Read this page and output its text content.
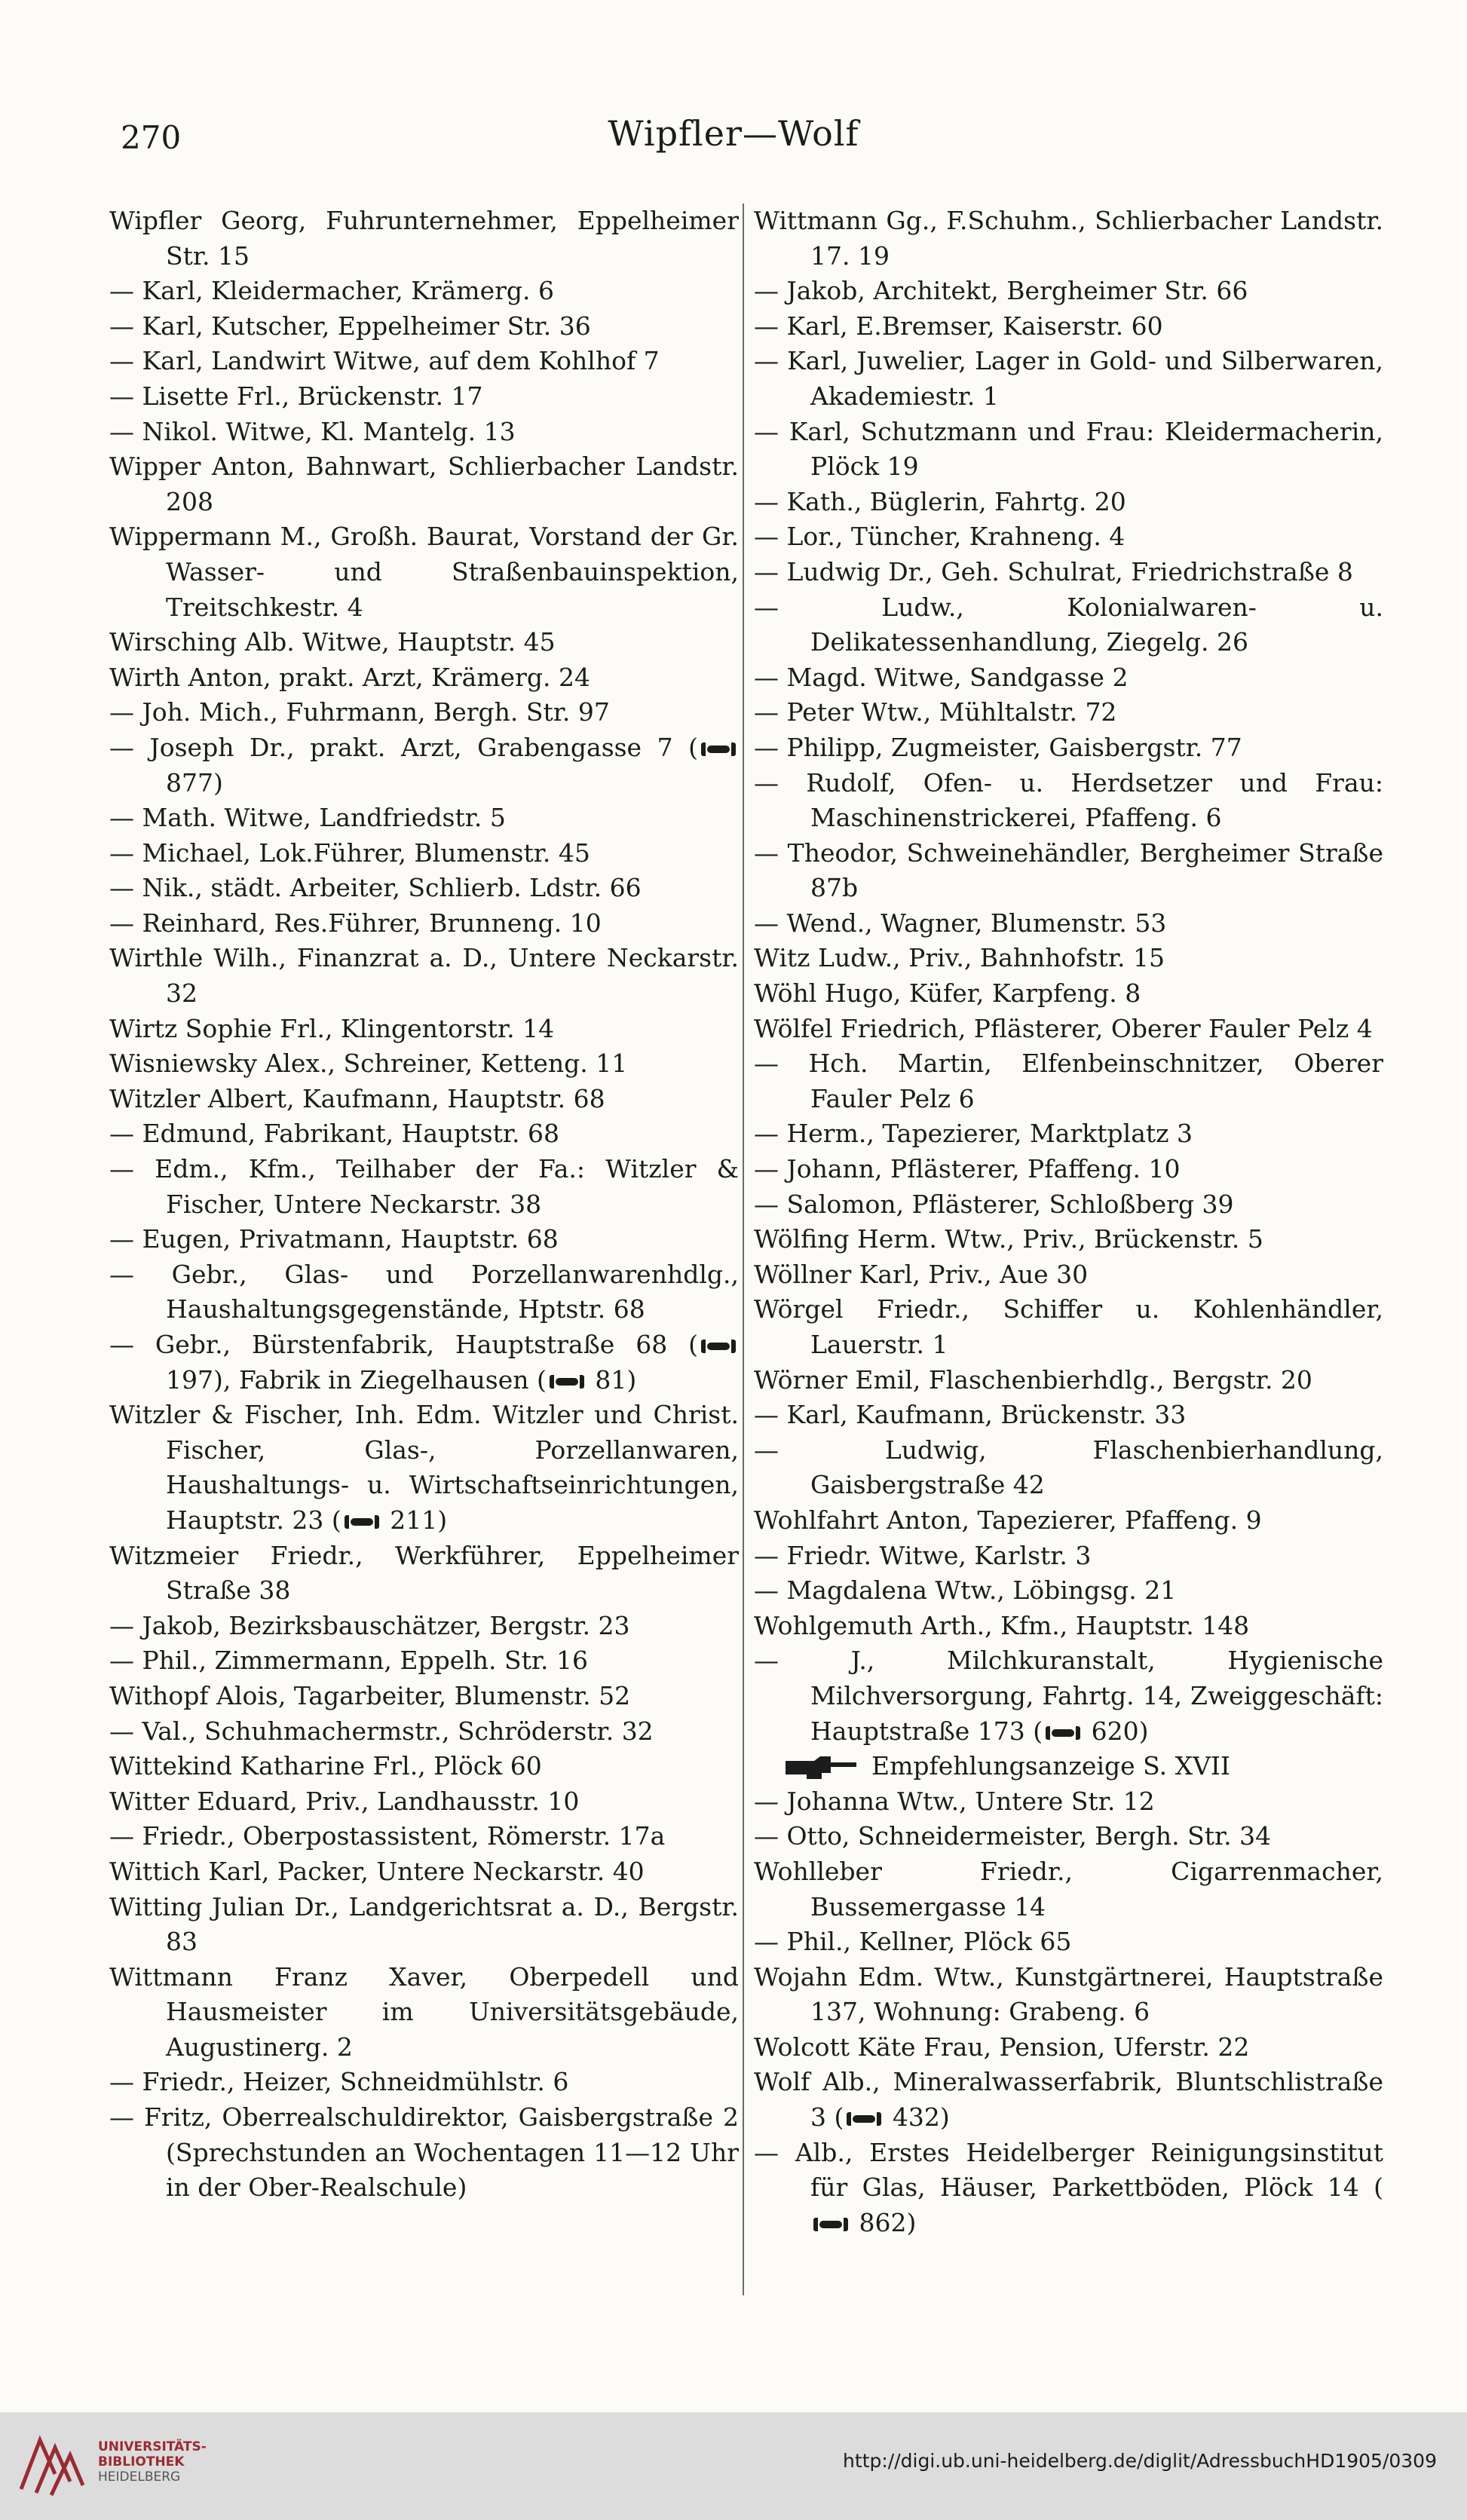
270	Wipfler—Wolf
Wipfler Georg, Fuhrunternehmer, Eppelheimer Str. 15
— Karl, Kleidermacher, Krämerg. 6
— Karl, Kutscher, Eppelheimer Str. 36
— Karl, Landwirt Witwe, auf dem Kohlhof 7
— Lisette Frl., Brückenstr. 17
— Nikol. Witwe, Kl. Mantelg. 13
Wipper Anton, Bahnwart, Schlierbacher Landstr. 208
Wippermann M., Großh. Baurat, Vorstand der Gr. Wasser- und Straßenbauinspektion, Treitschkestr. 4
Wirsching Alb. Witwe, Hauptstr. 45
Wirth Anton, prakt. Arzt, Krämerg. 24
— Joh. Mich., Fuhrmann, Bergh. Str. 97
— Joseph Dr., prakt. Arzt, Grabengasse 7 ( 877)
— Math. Witwe, Landfriedstr. 5
— Michael, Lok.Führer, Blumenstr. 45
— Nik., städt. Arbeiter, Schlierb. Ldstr. 66
— Reinhard, Res.Führer, Brunneng. 10
Wirthle Wilh., Finanzrat a. D., Untere Neckarstr. 32
Wirtz Sophie Frl., Klingentorstr. 14
Wisniewsky Alex., Schreiner, Ketteng. 11
Witzler Albert, Kaufmann, Hauptstr. 68
— Edmund, Fabrikant, Hauptstr. 68
— Edm., Kfm., Teilhaber der Fa.: Witzler & Fischer, Untere Neckarstr. 38
— Eugen, Privatmann, Hauptstr. 68
— Gebr., Glas- und Porzellanwarenhdlg., Haushaltungsgegenstände, Hptstr. 68
— Gebr., Bürstenfabrik, Hauptstraße 68 ( 197), Fabrik in Ziegelhausen ( 81)
Witzler & Fischer, Inh. Edm. Witzler und Christ. Fischer, Glas-, Porzellanwaren, Haushaltungs- u. Wirtschaftseinrichtungen, Hauptstr. 23 ( 211)
Witzmeier Friedr., Werkführer, Eppelheimer Straße 38
— Jakob, Bezirksbauschätzer, Bergstr. 23
— Phil., Zimmermann, Eppelh. Str. 16
Withopf Alois, Tagarbeiter, Blumenstr. 52
— Val., Schuhmachermstr., Schröderstr. 32
Wittekind Katharine Frl., Plöck 60
Witter Eduard, Priv., Landhausstr. 10
— Friedr., Oberpostassistent, Römerstr. 17a
Wittich Karl, Packer, Untere Neckarstr. 40
Witting Julian Dr., Landgerichtsrat a. D., Bergstr. 83
Wittmann Franz Xaver, Oberpedell und Hausmeister im Universitätsgebäude, Augustinerg. 2
— Friedr., Heizer, Schneidmühlstr. 6
— Fritz, Oberrealschuldirektor, Gaisbergstraße 2 (Sprechstunden an Wochentagen 11—12 Uhr in der Ober-Realschule)
Wittmann Gg., F.Schuhm., Schlierbacher Landstr. 17. 19
— Jakob, Architekt, Bergheimer Str. 66
— Karl, E.Bremser, Kaiserstr. 60
— Karl, Juwelier, Lager in Gold- und Silberwaren, Akademiestr. 1
— Karl, Schutzmann und Frau: Kleidermacherin, Plöck 19
— Kath., Büglerin, Fahrtg. 20
— Lor., Tüncher, Krahneng. 4
— Ludwig Dr., Geh. Schulrat, Friedrichstraße 8
— Ludw., Kolonialwaren- u. Delikatessenhandlung, Ziegelg. 26
— Magd. Witwe, Sandgasse 2
— Peter Wtw., Mühltalstr. 72
— Philipp, Zugmeister, Gaisbergstr. 77
— Rudolf, Ofen- u. Herdsetzer und Frau: Maschinenstrickerei, Pfaffeng. 6
— Theodor, Schweinehändler, Bergheimer Straße 87b
— Wend., Wagner, Blumenstr. 53
Witz Ludw., Priv., Bahnhofstr. 15
Wöhl Hugo, Küfer, Karpfeng. 8
Wölfel Friedrich, Pflästerer, Oberer Fauler Pelz 4
— Hch. Martin, Elfenbeinschnitzer, Oberer Fauler Pelz 6
— Herm., Tapezierer, Marktplatz 3
— Johann, Pflästerer, Pfaffeng. 10
— Salomon, Pflästerer, Schloßberg 39
Wölfing Herm. Wtw., Priv., Brückenstr. 5
Wöllner Karl, Priv., Aue 30
Wörgel Friedr., Schiffer u. Kohlenhändler, Lauerstr. 1
Wörner Emil, Flaschenbierhdlg., Bergstr. 20
— Karl, Kaufmann, Brückenstr. 33
— Ludwig, Flaschenbierhandlung, Gaisbergstraße 42
Wohlfahrt Anton, Tapezierer, Pfaffeng. 9
— Friedr. Witwe, Karlstr. 3
— Magdalena Wtw., Löbingsg. 21
Wohlgemuth Arth., Kfm., Hauptstr. 148
— J., Milchkuranstalt, Hygienische Milchversorgung, Fahrtg. 14, Zweiggeschäft: Hauptstraße 173 ( 620)
Empfehlungsanzeige S. XVII
— Johanna Wtw., Untere Str. 12
— Otto, Schneidermeister, Bergh. Str. 34
Wohlleber Friedr., Cigarrenmacher, Bussemergasse 14
— Phil., Kellner, Plöck 65
Wojahn Edm. Wtw., Kunstgärtnerei, Hauptstraße 137, Wohnung: Grabeng. 6
Wolcott Käte Frau, Pension, Uferstr. 22
Wolf Alb., Mineralwasserfabrik, Bluntschlistraße 3 ( 432)
— Alb., Erstes Heidelberger Reinigungsinstitut für Glas, Häuser, Parkettböden, Plöck 14 ( 862)
UNIVERSITÄTS-
BIBLIOTHEK
HEIDELBERG
http://digi.ub.uni-heidelberg.de/diglit/AdressbuchHD1905/0309
